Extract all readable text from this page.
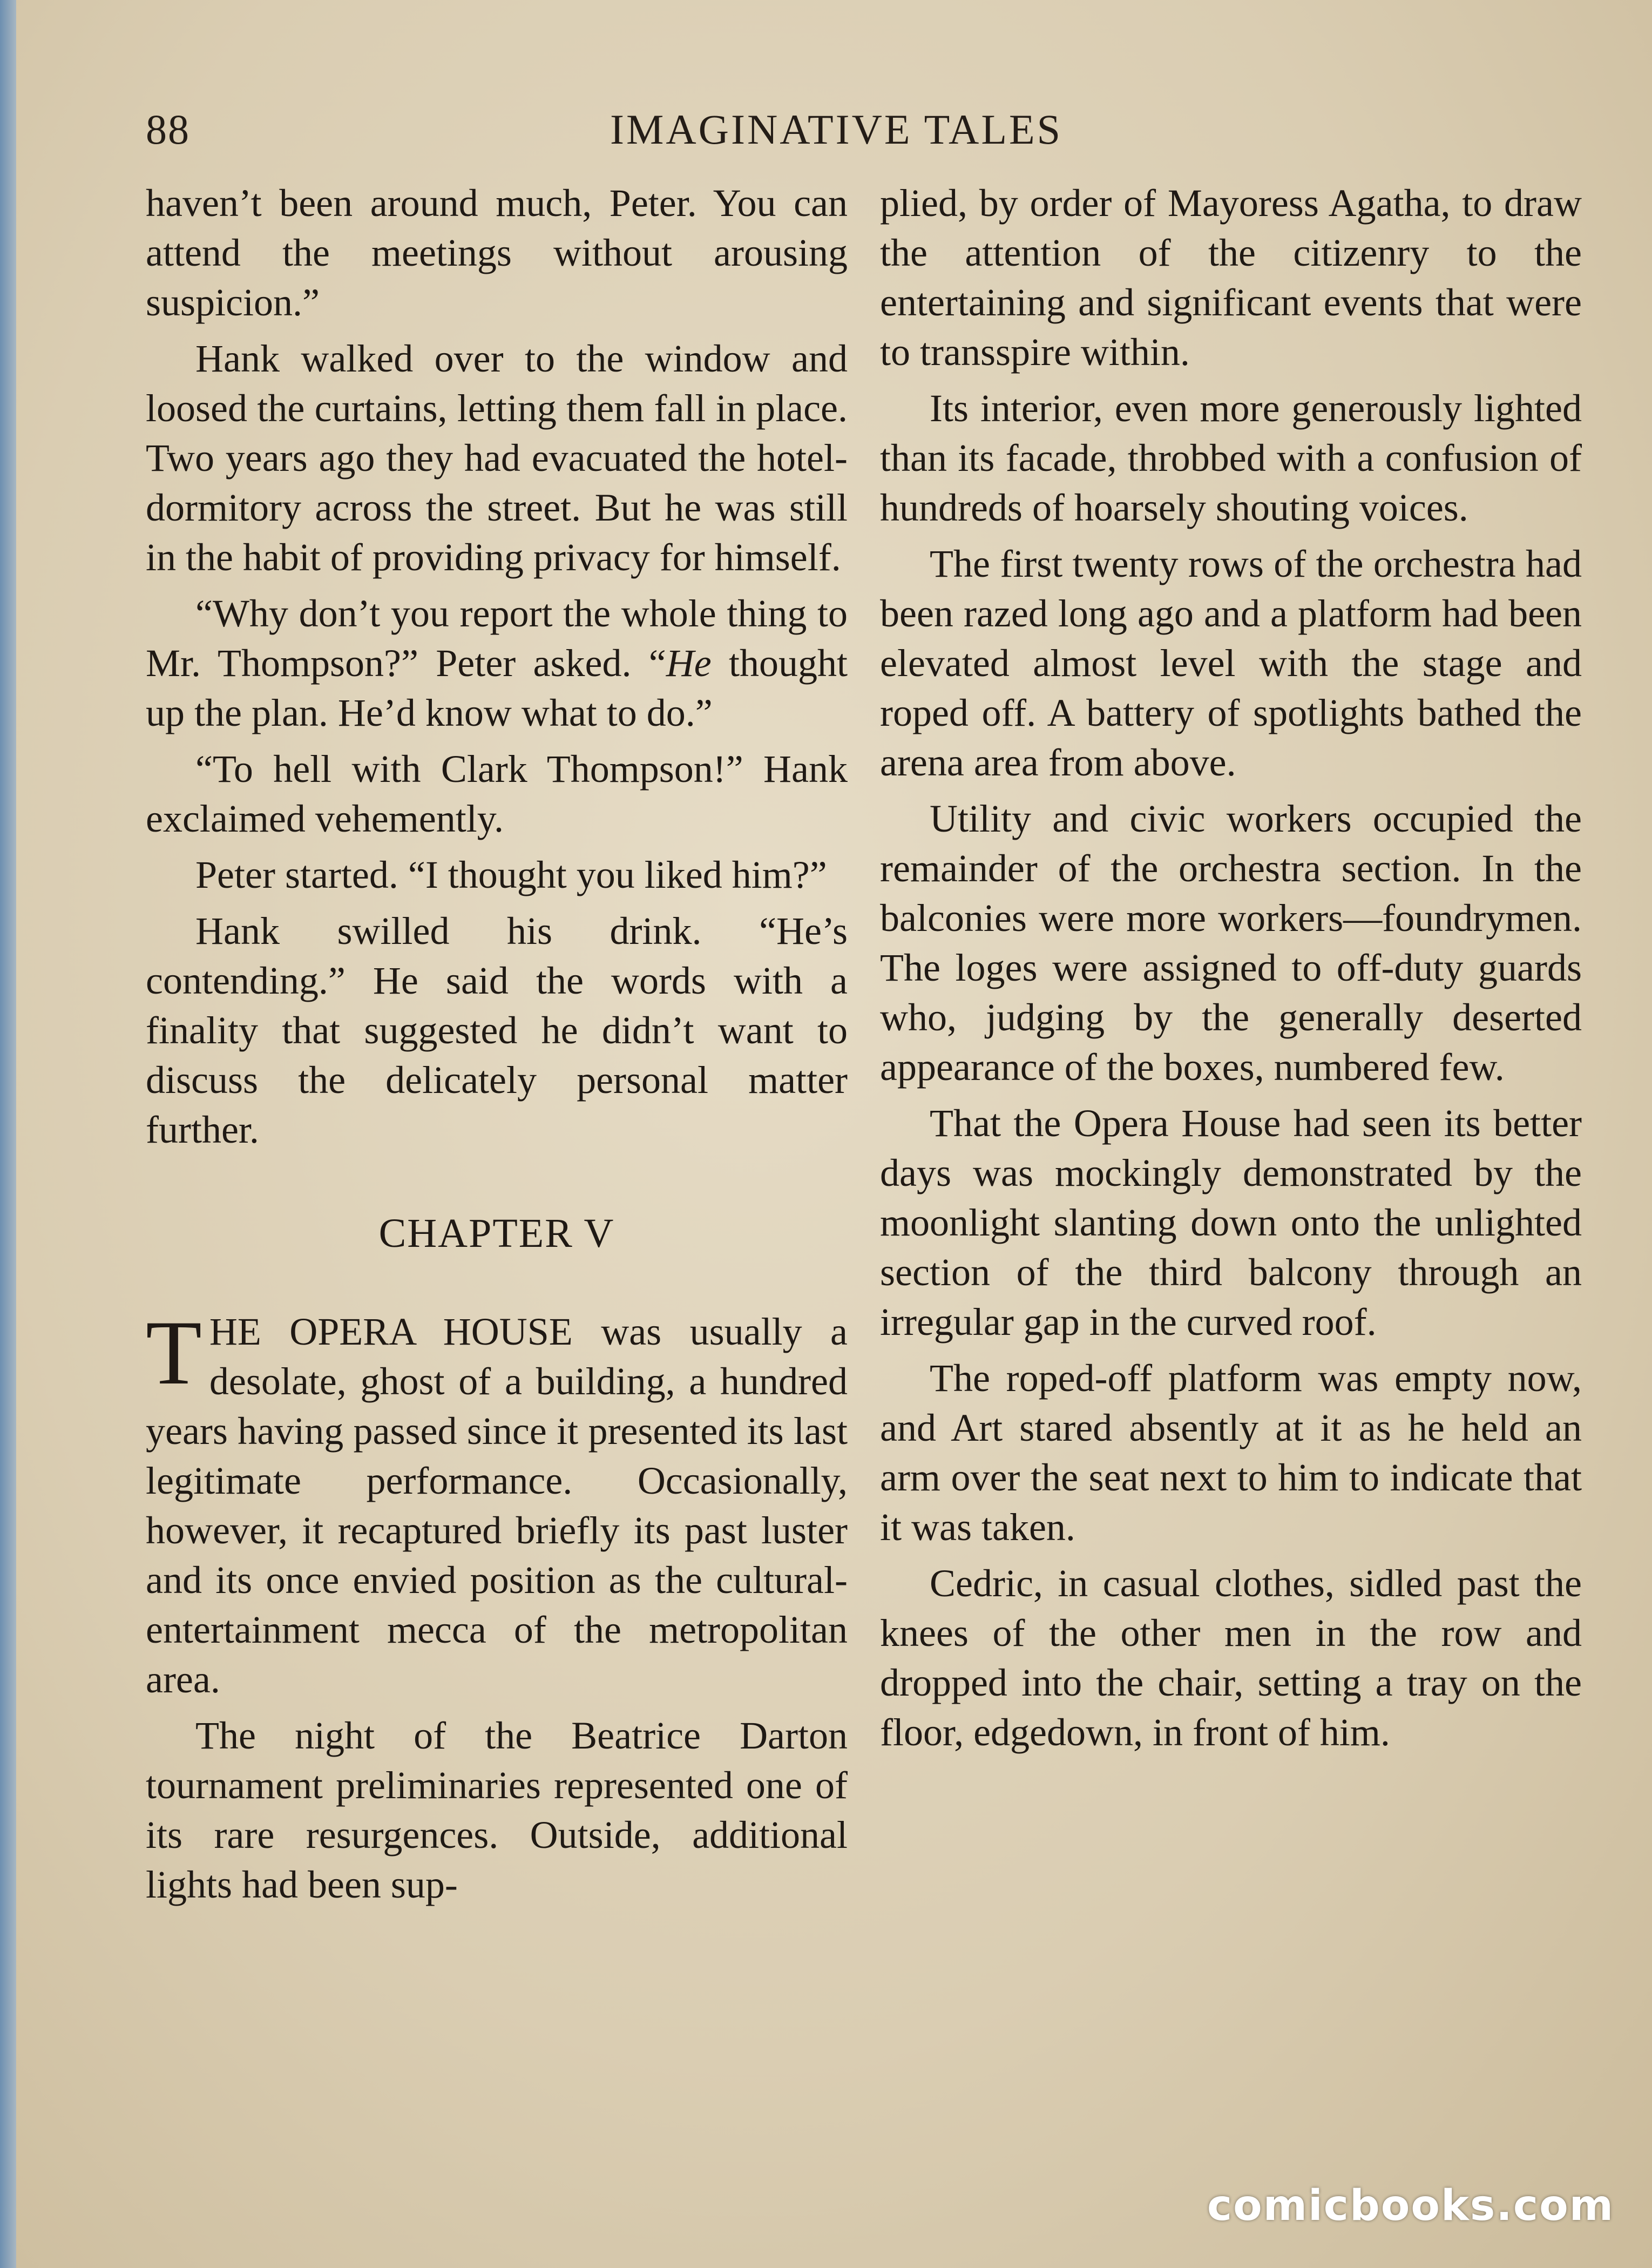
88	IMAGINATIVE TALES

haven’t been around much, Peter. You can attend the meetings without arousing suspicion.”

Hank walked over to the window and loosed the curtains, letting them fall in place. Two years ago they had evacuated the hotel-dormitory across the street. But he was still in the habit of providing privacy for himself.

“Why don’t you report the whole thing to Mr. Thompson?” Peter asked. “He thought up the plan. He’d know what to do.”

“To hell with Clark Thompson!” Hank exclaimed vehemently.

Peter started. “I thought you liked him?”

Hank swilled his drink. “He’s contending.” He said the words with a finality that suggested he didn’t want to discuss the delicately personal matter further.

CHAPTER V

THE OPERA HOUSE was usually a desolate, ghost of a building, a hundred years having passed since it presented its last legitimate performance. Occasionally, however, it recaptured briefly its past luster and its once envied position as the cultural-entertainment mecca of the metropolitan area.

The night of the Beatrice Darton tournament preliminaries represented one of its rare resurgences. Outside, additional lights had been sup-

plied, by order of Mayoress Agatha, to draw the attention of the citizenry to the entertaining and significant events that were to transspire within.

Its interior, even more generously lighted than its facade, throbbed with a confusion of hundreds of hoarsely shouting voices.

The first twenty rows of the orchestra had been razed long ago and a platform had been elevated almost level with the stage and roped off. A battery of spotlights bathed the arena area from above.

Utility and civic workers occupied the remainder of the orchestra section. In the balconies were more workers—foundrymen. The loges were assigned to off-duty guards who, judging by the generally deserted appearance of the boxes, numbered few.

That the Opera House had seen its better days was mockingly demonstrated by the moonlight slanting down onto the unlighted section of the third balcony through an irregular gap in the curved roof.

The roped-off platform was empty now, and Art stared absently at it as he held an arm over the seat next to him to indicate that it was taken.

Cedric, in casual clothes, sidled past the knees of the other men in the row and dropped into the chair, setting a tray on the floor, edgedown, in front of him.

comicbooks.com
